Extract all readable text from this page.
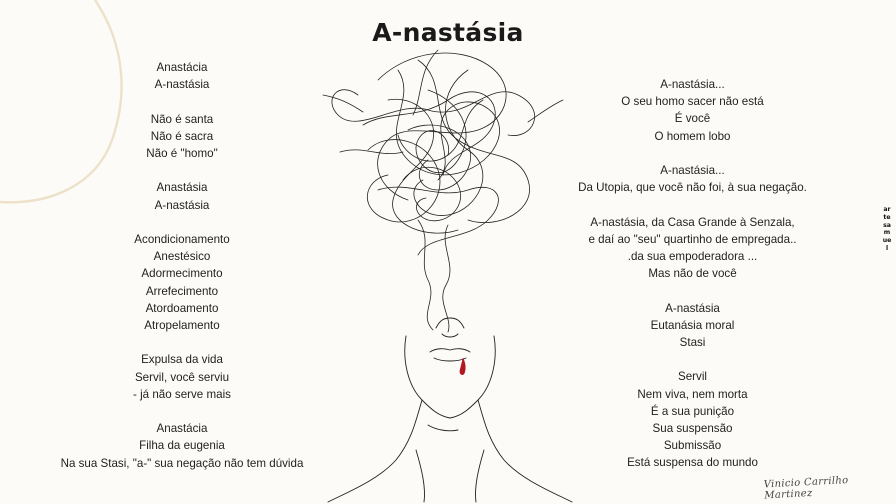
A-nastásia
Anastácia
A-nastásia

Não é santa
Não é sacra
Não é "homo"

Anastásia
A-nastásia

Acondicionamento
Anestésico
Adormecimento
Arrefecimento
Atordoamento
Atropelamento

Expulsa da vida
Servil, você serviu
- já não serve mais

Anastácia
Filha da eugenia
Na sua Stasi, "a-" sua negação não tem dúvida
A-nastásia...
O seu homo sacer não está
É você
O homem lobo

A-nastásia...
Da Utopia, que você não foi, à sua negação.

A-nastásia, da Casa Grande à Senzala,
e daí ao "seu" quartinho de empregada..
.da sua empoderadora ...
Mas não de você

A-nastásia
Eutanásia moral
Stasi

Servil
Nem viva, nem morta
É a sua punição
Sua suspensão
Submissão
Está suspensa do mundo
artesamuel
Vinicio Carrilho Martinez
